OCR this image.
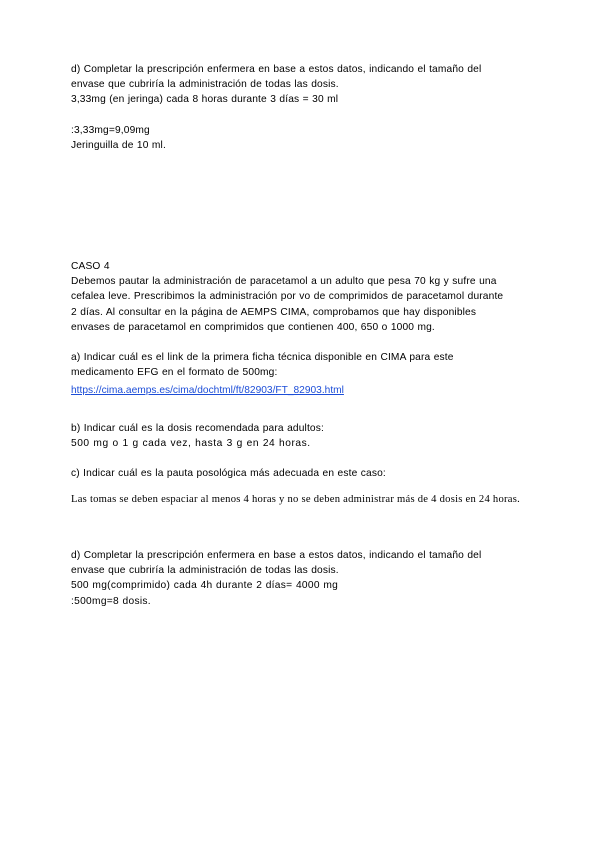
d) Completar la prescripción enfermera en base a estos datos, indicando el tamaño del

envase que cubriría la administración de todas las dosis.

3,33mg (en jeringa) cada 8 horas durante 3 días = 30 ml

:3,33mg=9,09mg

Jeringuilla de 10 ml.

CASO 4

Debemos pautar la administración de paracetamol a un adulto que pesa 70 kg y sufre una

cefalea leve. Prescribimos la administración por vo de comprimidos de paracetamol durante

2 días. Al consultar en la página de AEMPS CIMA, comprobamos que hay disponibles

envases de paracetamol en comprimidos que contienen 400, 650 o 1000 mg.

a) Indicar cuál es el link de la primera ficha técnica disponible en CIMA para este

medicamento EFG en el formato de 500mg:

https://cima.aemps.es/cima/dochtml/ft/82903/FT_82903.html

b) Indicar cuál es la dosis recomendada para adultos:

500 mg o 1 g cada vez, hasta 3 g en 24 horas.

c) Indicar cuál es la pauta posológica más adecuada en este caso:

Las tomas se deben espaciar al menos 4 horas y no se deben administrar más de 4 dosis en 24 horas.

d) Completar la prescripción enfermera en base a estos datos, indicando el tamaño del

envase que cubriría la administración de todas las dosis.

500 mg(comprimido) cada 4h durante 2 días= 4000 mg

:500mg=8 dosis.
